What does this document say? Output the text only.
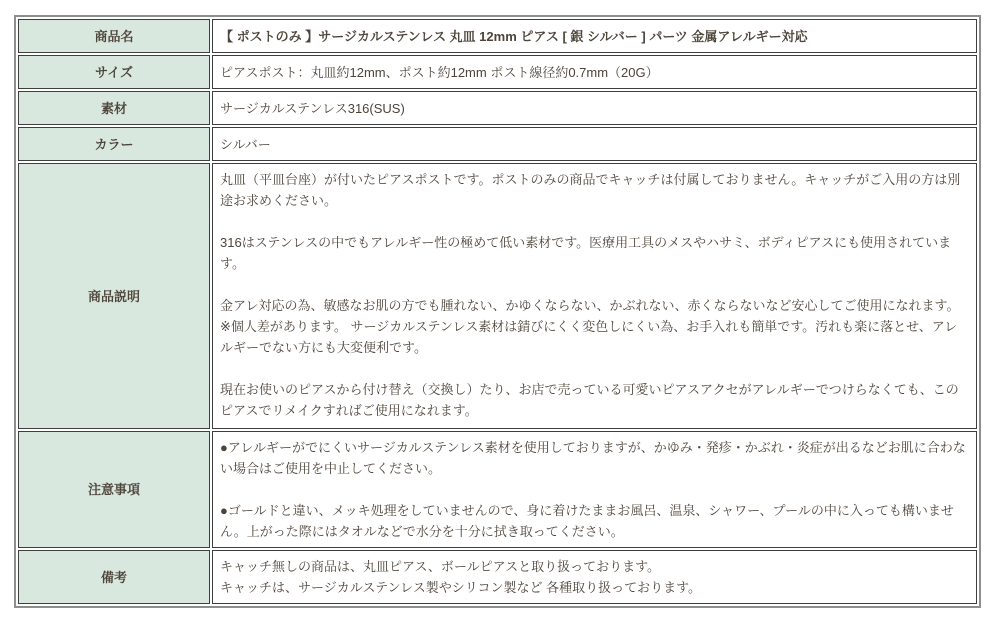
商品名	【 ポストのみ 】サージカルステンレス 丸皿 12mm ピアス [ 銀 シルバー ] パーツ 金属アレルギー対応

サイズ	ピアスポスト：丸皿約12mm、ポスト約12mm ポスト線径約0.7mm（20G）

素材	サージカルステンレス316(SUS)

カラー	シルバー

商品説明	丸皿（平皿台座）が付いたピアスポストです。ポストのみの商品でキャッチは付属しておりません。キャッチがご入用の方は別途お求めください。

316はステンレスの中でもアレルギー性の極めて低い素材です。医療用工具のメスやハサミ、ボディピアスにも使用されています。

金アレ対応の為、敏感なお肌の方でも腫れない、かゆくならない、かぶれない、赤くならないなど安心してご使用になれます。※個人差があります。 サージカルステンレス素材は錆びにくく変色しにくい為、お手入れも簡単です。汚れも楽に落とせ、アレルギーでない方にも大変便利です。

現在お使いのピアスから付け替え（交換し）たり、お店で売っている可愛いピアスアクセがアレルギーでつけらなくても、このピアスでリメイクすればご使用になれます。

注意事項	●アレルギーがでにくいサージカルステンレス素材を使用しておりますが、かゆみ・発疹・かぶれ・炎症が出るなどお肌に合わない場合はご使用を中止してください。

●ゴールドと違い、メッキ処理をしていませんので、身に着けたままお風呂、温泉、シャワー、プールの中に入っても構いません。上がった際にはタオルなどで水分を十分に拭き取ってください。

備考	キャッチ無しの商品は、丸皿ピアス、ボールピアスと取り扱っております。

キャッチは、サージカルステンレス製やシリコン製など 各種取り扱っております。
